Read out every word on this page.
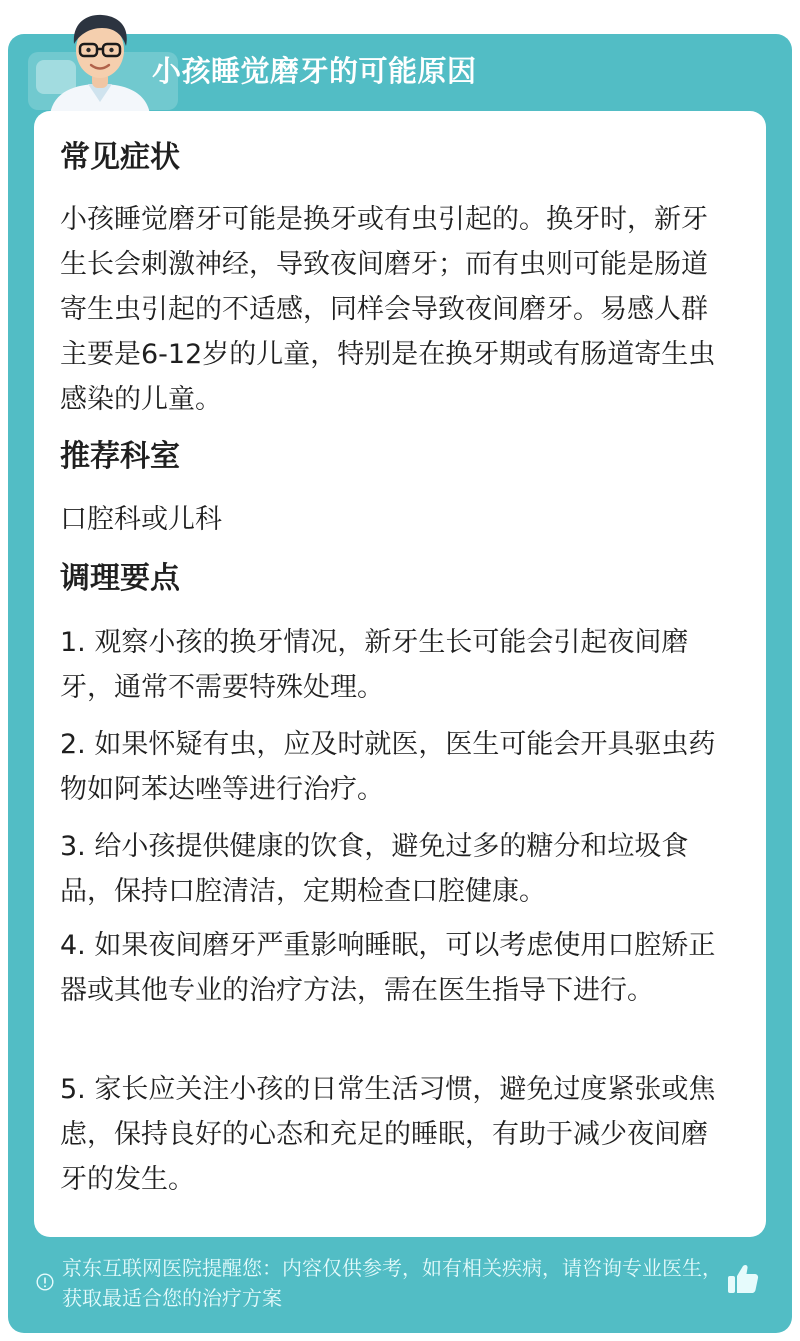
小孩睡觉磨牙的可能原因
常见症状
小孩睡觉磨牙可能是换牙或有虫引起的。换牙时，新牙生长会刺激神经，导致夜间磨牙；而有虫则可能是肠道寄生虫引起的不适感，同样会导致夜间磨牙。易感人群主要是6-12岁的儿童，特别是在换牙期或有肠道寄生虫感染的儿童。
推荐科室
口腔科或儿科
调理要点
1. 观察小孩的换牙情况，新牙生长可能会引起夜间磨牙，通常不需要特殊处理。
2. 如果怀疑有虫，应及时就医，医生可能会开具驱虫药物如阿苯达唑等进行治疗。
3. 给小孩提供健康的饮食，避免过多的糖分和垃圾食品，保持口腔清洁，定期检查口腔健康。
4. 如果夜间磨牙严重影响睡眠，可以考虑使用口腔矫正器或其他专业的治疗方法，需在医生指导下进行。
5. 家长应关注小孩的日常生活习惯，避免过度紧张或焦虑，保持良好的心态和充足的睡眠，有助于减少夜间磨牙的发生。
京东互联网医院提醒您：内容仅供参考，如有相关疾病，请咨询专业医生，获取最适合您的治疗方案
